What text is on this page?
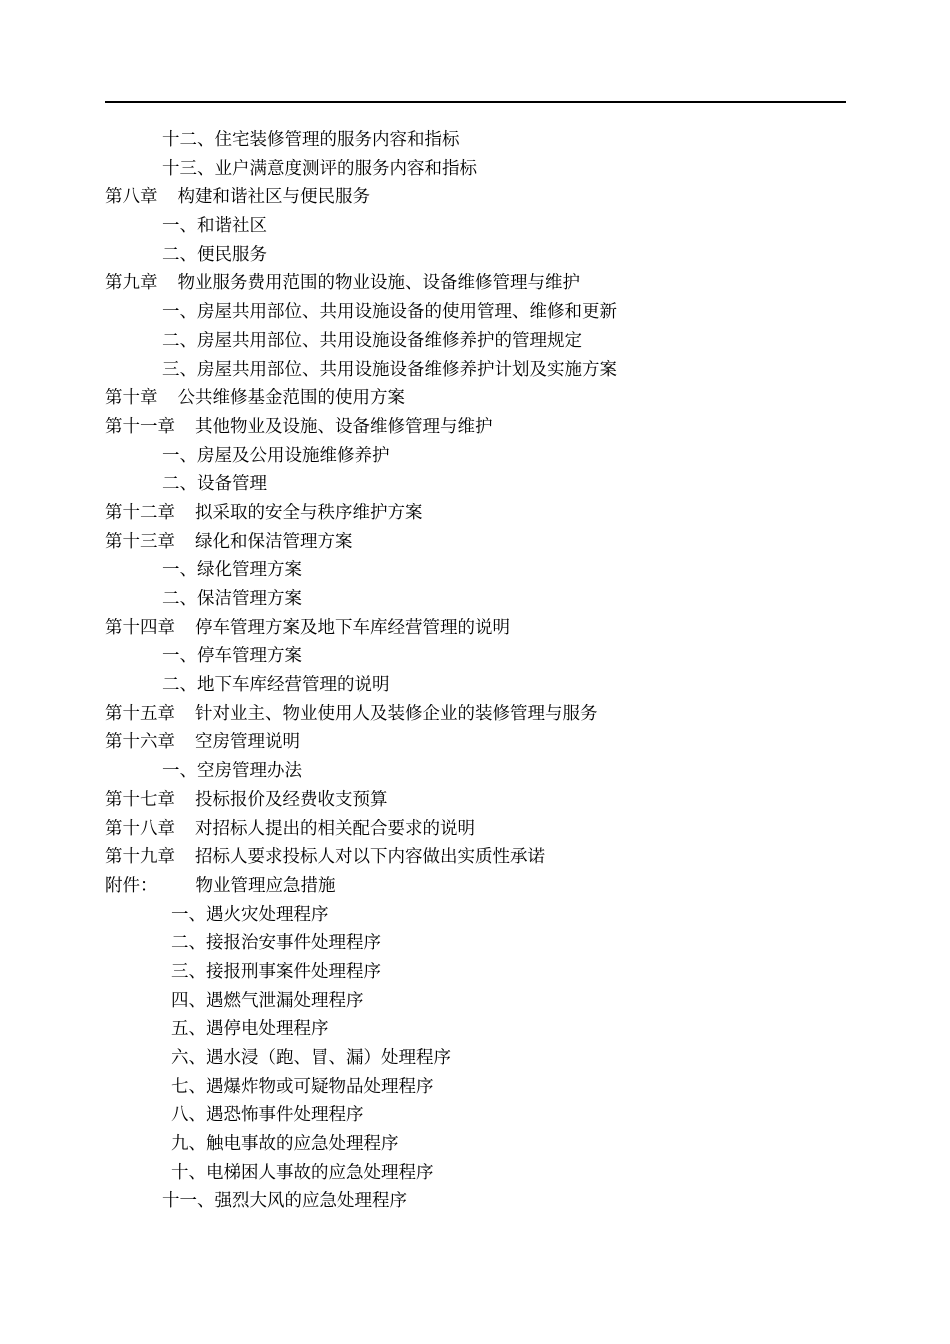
十二、住宅装修管理的服务内容和指标
十三、业户满意度测评的服务内容和指标
第八章 构建和谐社区与便民服务
一、和谐社区
二、便民服务
第九章 物业服务费用范围的物业设施、设备维修管理与维护
一、房屋共用部位、共用设施设备的使用管理、维修和更新
二、房屋共用部位、共用设施设备维修养护的管理规定
三、房屋共用部位、共用设施设备维修养护计划及实施方案
第十章 公共维修基金范围的使用方案
第十一章 其他物业及设施、设备维修管理与维护
一、房屋及公用设施维修养护
二、设备管理
第十二章 拟采取的安全与秩序维护方案
第十三章 绿化和保洁管理方案
一、绿化管理方案
二、保洁管理方案
第十四章 停车管理方案及地下车库经营管理的说明
一、停车管理方案
二、地下车库经营管理的说明
第十五章 针对业主、物业使用人及装修企业的装修管理与服务
第十六章 空房管理说明
一、空房管理办法
第十七章 投标报价及经费收支预算
第十八章 对招标人提出的相关配合要求的说明
第十九章 招标人要求投标人对以下内容做出实质性承诺
附件： 物业管理应急措施
一、遇火灾处理程序
二、接报治安事件处理程序
三、接报刑事案件处理程序
四、遇燃气泄漏处理程序
五、遇停电处理程序
六、遇水浸（跑、冒、漏）处理程序
七、遇爆炸物或可疑物品处理程序
八、遇恐怖事件处理程序
九、触电事故的应急处理程序
十、电梯困人事故的应急处理程序
十一、强烈大风的应急处理程序
